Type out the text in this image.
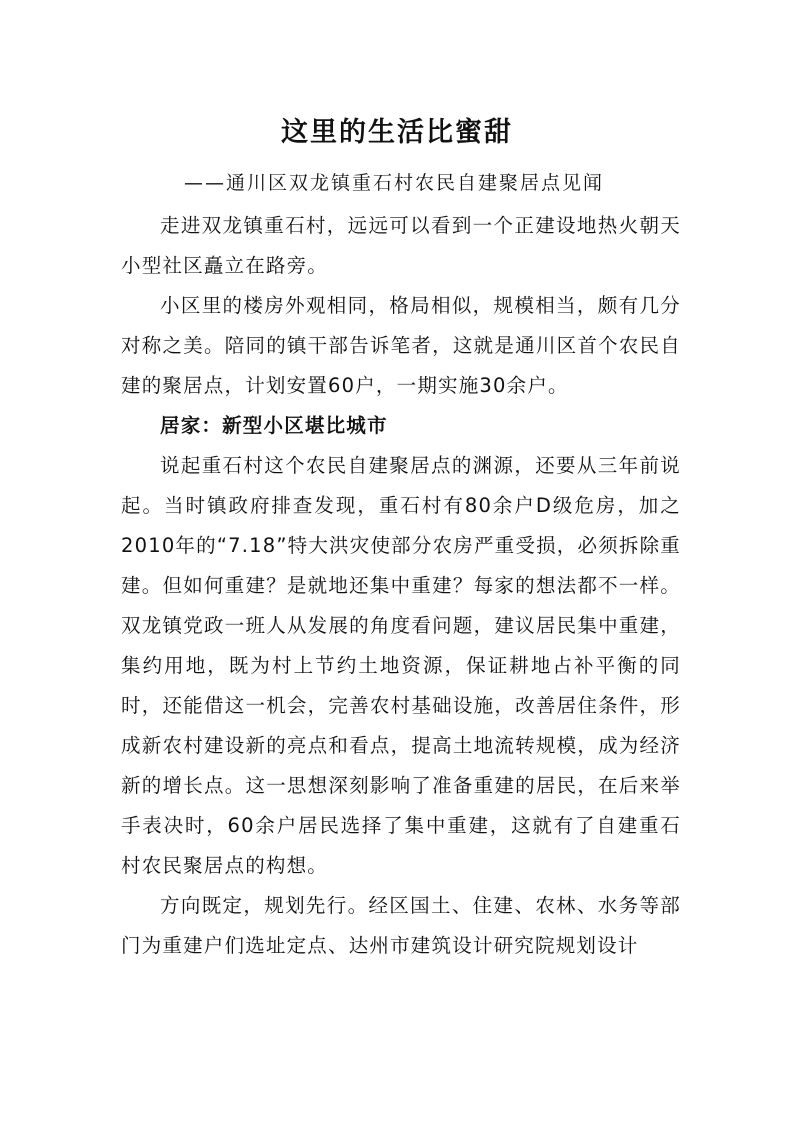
这里的生活比蜜甜
——通川区双龙镇重石村农民自建聚居点见闻

走进双龙镇重石村，远远可以看到一个正建设地热火朝天小型社区矗立在路旁。

小区里的楼房外观相同，格局相似，规模相当，颇有几分对称之美。陪同的镇干部告诉笔者，这就是通川区首个农民自建的聚居点，计划安置60户，一期实施30余户。

居家：新型小区堪比城市

说起重石村这个农民自建聚居点的渊源，还要从三年前说起。当时镇政府排查发现，重石村有80余户D级危房，加之2010年的“7.18”特大洪灾使部分农房严重受损，必须拆除重建。但如何重建？是就地还集中重建？每家的想法都不一样。双龙镇党政一班人从发展的角度看问题，建议居民集中重建，集约用地，既为村上节约土地资源，保证耕地占补平衡的同时，还能借这一机会，完善农村基础设施，改善居住条件，形成新农村建设新的亮点和看点，提高土地流转规模，成为经济新的增长点。这一思想深刻影响了准备重建的居民，在后来举手表决时，60余户居民选择了集中重建，这就有了自建重石村农民聚居点的构想。

方向既定，规划先行。经区国土、住建、农林、水务等部门为重建户们选址定点、达州市建筑设计研究院规划设计
